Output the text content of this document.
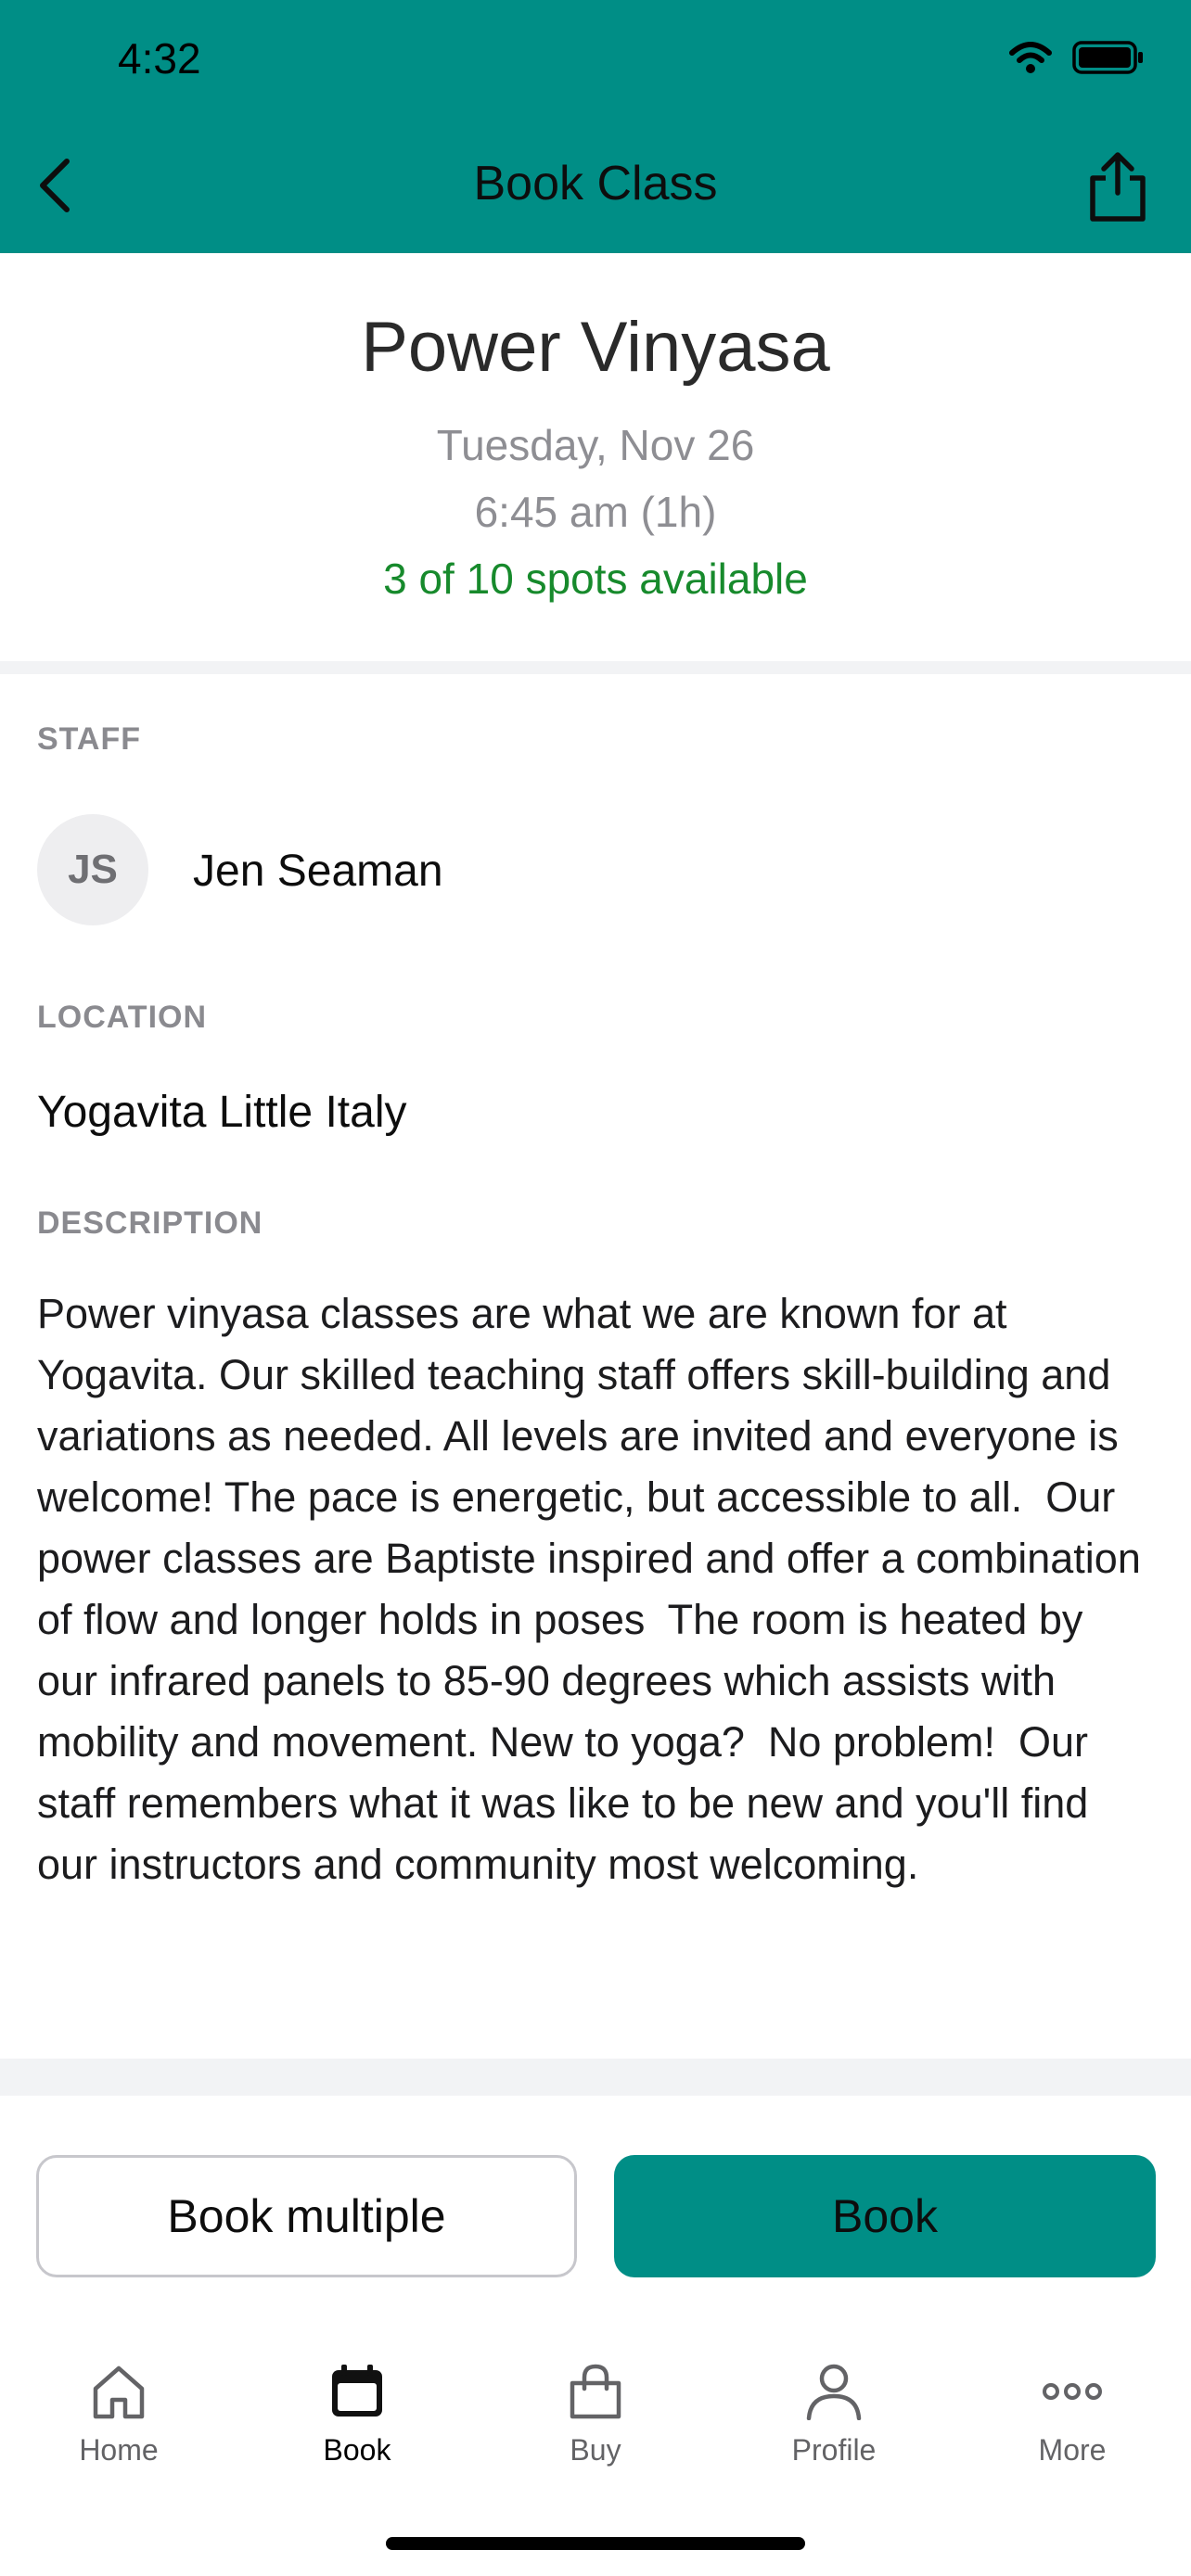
4:32
Book Class
Power Vinyasa
Tuesday, Nov 26
6:45 am (1h)
3 of 10 spots available
STAFF
JS	Jen Seaman
LOCATION
Yogavita Little Italy
DESCRIPTION
Power vinyasa classes are what we are known for at Yogavita. Our skilled teaching staff offers skill-building and variations as needed. All levels are invited and everyone is welcome! The pace is energetic, but accessible to all.  Our power classes are Baptiste inspired and offer a combination of flow and longer holds in poses  The room is heated by our infrared panels to 85-90 degrees which assists with mobility and movement. New to yoga?  No problem!  Our staff remembers what it was like to be new and you'll find our instructors and community most welcoming.
Book multiple	Book
Home	Book	Buy	Profile	More
